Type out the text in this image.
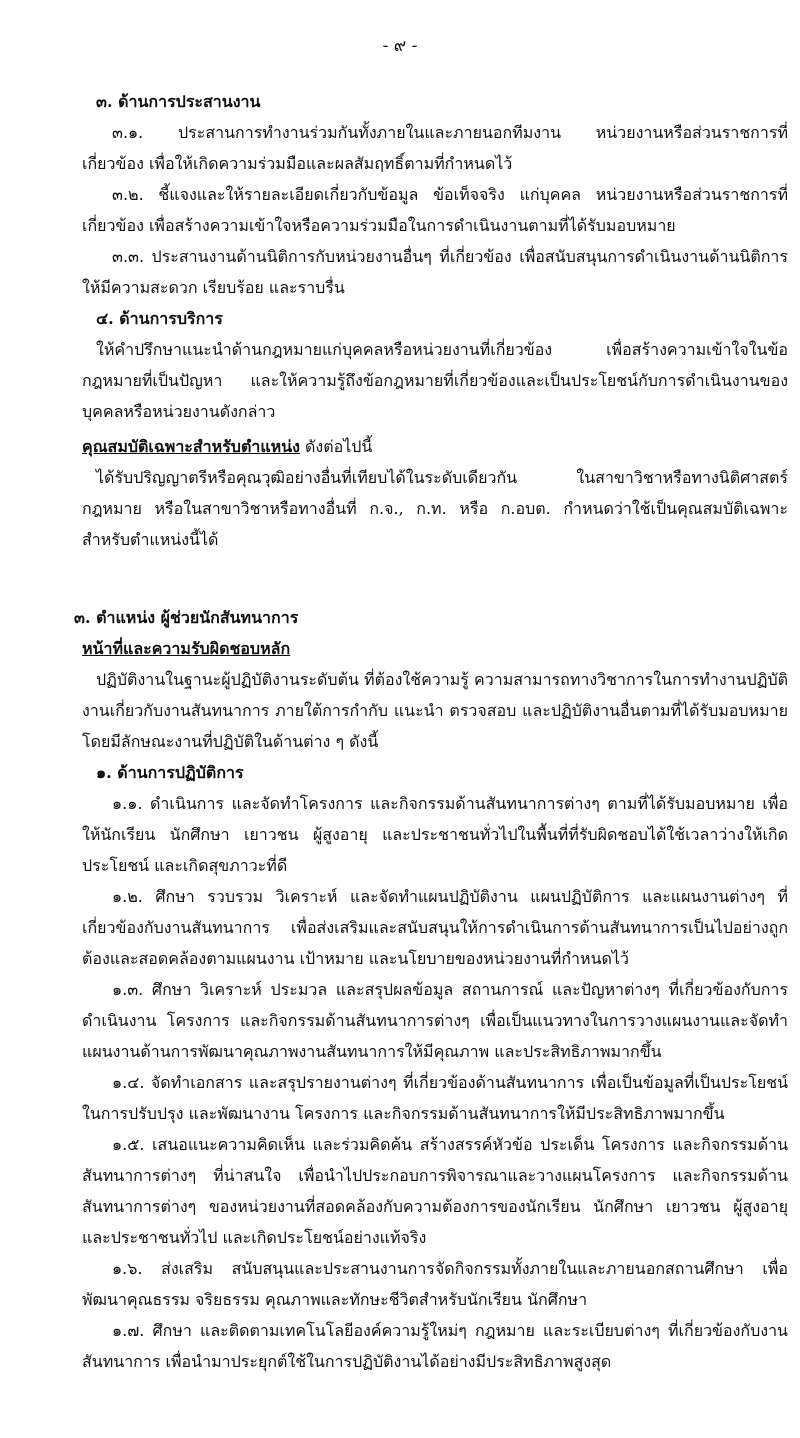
- ๙ -

๓. ด้านการประสานงาน

๓.๑. ประสานการทำงานร่วมกันทั้งภายในและภายนอกทีมงาน หน่วยงานหรือส่วนราชการที่เกี่ยวข้อง เพื่อให้เกิดความร่วมมือและผลสัมฤทธิ์ตามที่กำหนดไว้

๓.๒. ชี้แจงและให้รายละเอียดเกี่ยวกับข้อมูล ข้อเท็จจริง แก่บุคคล หน่วยงานหรือส่วนราชการที่เกี่ยวข้อง เพื่อสร้างความเข้าใจหรือความร่วมมือในการดำเนินงานตามที่ได้รับมอบหมาย

๓.๓. ประสานงานด้านนิติการกับหน่วยงานอื่นๆ ที่เกี่ยวข้อง เพื่อสนับสนุนการดำเนินงานด้านนิติการให้มีความสะดวก เรียบร้อย และราบรื่น

๔. ด้านการบริการ

ให้คำปรึกษาแนะนำด้านกฎหมายแก่บุคคลหรือหน่วยงานที่เกี่ยวข้อง เพื่อสร้างความเข้าใจในข้อกฎหมายที่เป็นปัญหา และให้ความรู้ถึงข้อกฎหมายที่เกี่ยวข้องและเป็นประโยชน์กับการดำเนินงานของบุคคลหรือหน่วยงานดังกล่าว

คุณสมบัติเฉพาะสำหรับตำแหน่ง ดังต่อไปนี้

ได้รับปริญญาตรีหรือคุณวุฒิอย่างอื่นที่เทียบได้ในระดับเดียวกัน ในสาขาวิชาหรือทางนิติศาสตร์ กฎหมาย หรือในสาขาวิชาหรือทางอื่นที่ ก.จ., ก.ท. หรือ ก.อบต. กำหนดว่าใช้เป็นคุณสมบัติเฉพาะสำหรับตำแหน่งนี้ได้

๓. ตำแหน่ง ผู้ช่วยนักสันทนาการ

หน้าที่และความรับผิดชอบหลัก

ปฏิบัติงานในฐานะผู้ปฏิบัติงานระดับต้น ที่ต้องใช้ความรู้ ความสามารถทางวิชาการในการทำงานปฏิบัติงานเกี่ยวกับงานสันทนาการ ภายใต้การกำกับ แนะนำ ตรวจสอบ และปฏิบัติงานอื่นตามที่ได้รับมอบหมาย โดยมีลักษณะงานที่ปฏิบัติในด้านต่าง ๆ ดังนี้

๑. ด้านการปฏิบัติการ

๑.๑. ดำเนินการ และจัดทำโครงการ และกิจกรรมด้านสันทนาการต่างๆ ตามที่ได้รับมอบหมาย เพื่อให้นักเรียน นักศึกษา เยาวชน ผู้สูงอายุ และประชาชนทั่วไปในพื้นที่ที่รับผิดชอบได้ใช้เวลาว่างให้เกิดประโยชน์ และเกิดสุขภาวะที่ดี

๑.๒. ศึกษา รวบรวม วิเคราะห์ และจัดทำแผนปฏิบัติงาน แผนปฏิบัติการ และแผนงานต่างๆ ที่เกี่ยวข้องกับงานสันทนาการ เพื่อส่งเสริมและสนับสนุนให้การดำเนินการด้านสันทนาการเป็นไปอย่างถูกต้องและสอดคล้องตามแผนงาน เป้าหมาย และนโยบายของหน่วยงานที่กำหนดไว้

๑.๓. ศึกษา วิเคราะห์ ประมวล และสรุปผลข้อมูล สถานการณ์ และปัญหาต่างๆ ที่เกี่ยวข้องกับการดำเนินงาน โครงการ และกิจกรรมด้านสันทนาการต่างๆ เพื่อเป็นแนวทางในการวางแผนงานและจัดทำแผนงานด้านการพัฒนาคุณภาพงานสันทนาการให้มีคุณภาพ และประสิทธิภาพมากขึ้น

๑.๔. จัดทำเอกสาร และสรุปรายงานต่างๆ ที่เกี่ยวข้องด้านสันทนาการ เพื่อเป็นข้อมูลที่เป็นประโยชน์ในการปรับปรุง และพัฒนางาน โครงการ และกิจกรรมด้านสันทนาการให้มีประสิทธิภาพมากขึ้น

๑.๕. เสนอแนะความคิดเห็น และร่วมคิดค้น สร้างสรรค์หัวข้อ ประเด็น โครงการ และกิจกรรมด้านสันทนาการต่างๆ ที่น่าสนใจ เพื่อนำไปประกอบการพิจารณาและวางแผนโครงการ และกิจกรรมด้านสันทนาการต่างๆ ของหน่วยงานที่สอดคล้องกับความต้องการของนักเรียน นักศึกษา เยาวชน ผู้สูงอายุ และประชาชนทั่วไป และเกิดประโยชน์อย่างแท้จริง

๑.๖. ส่งเสริม สนับสนุนและประสานงานการจัดกิจกรรมทั้งภายในและภายนอกสถานศึกษา เพื่อพัฒนาคุณธรรม จริยธรรม คุณภาพและทักษะชีวิตสำหรับนักเรียน นักศึกษา

๑.๗. ศึกษา และติดตามเทคโนโลยีองค์ความรู้ใหม่ๆ กฎหมาย และระเบียบต่างๆ ที่เกี่ยวข้องกับงานสันทนาการ เพื่อนำมาประยุกต์ใช้ในการปฏิบัติงานได้อย่างมีประสิทธิภาพสูงสุด
